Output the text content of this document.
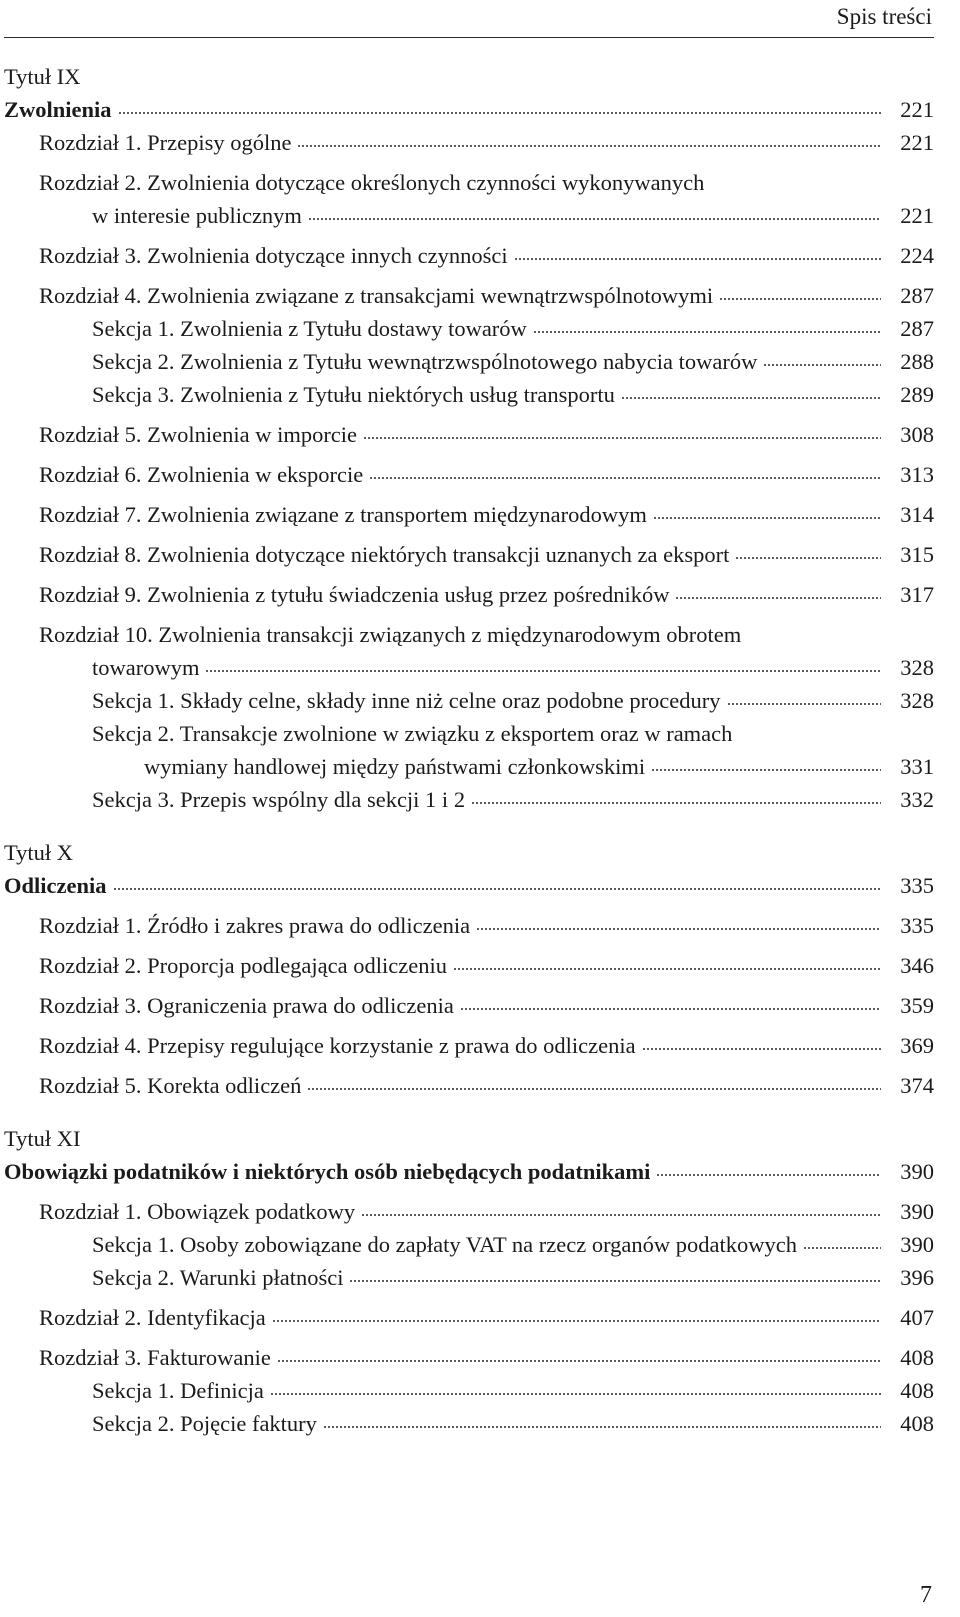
Spis treści
Tytuł IX
Zwolnienia	221
Rozdział 1. Przepisy ogólne	221
Rozdział 2. Zwolnienia dotyczące określonych czynności wykonywanych
w interesie publicznym	221
Rozdział 3. Zwolnienia dotyczące innych czynności	224
Rozdział 4. Zwolnienia związane z transakcjami wewnątrzwspólnotowymi	287
Sekcja 1. Zwolnienia z Tytułu dostawy towarów	287
Sekcja 2. Zwolnienia z Tytułu wewnątrzwspólnotowego nabycia towarów	288
Sekcja 3. Zwolnienia z Tytułu niektórych usług transportu	289
Rozdział 5. Zwolnienia w imporcie	308
Rozdział 6. Zwolnienia w eksporcie	313
Rozdział 7. Zwolnienia związane z transportem międzynarodowym	314
Rozdział 8. Zwolnienia dotyczące niektórych transakcji uznanych za eksport	315
Rozdział 9. Zwolnienia z tytułu świadczenia usług przez pośredników	317
Rozdział 10. Zwolnienia transakcji związanych z międzynarodowym obrotem
towarowym	328
Sekcja 1. Składy celne, składy inne niż celne oraz podobne procedury	328
Sekcja 2. Transakcje zwolnione w związku z eksportem oraz w ramach
wymiany handlowej między państwami członkowskimi	331
Sekcja 3. Przepis wspólny dla sekcji 1 i 2	332
Tytuł X
Odliczenia	335
Rozdział 1. Źródło i zakres prawa do odliczenia	335
Rozdział 2. Proporcja podlegająca odliczeniu	346
Rozdział 3. Ograniczenia prawa do odliczenia	359
Rozdział 4. Przepisy regulujące korzystanie z prawa do odliczenia	369
Rozdział 5. Korekta odliczeń	374
Tytuł XI
Obowiązki podatników i niektórych osób niebędących podatnikami	390
Rozdział 1. Obowiązek podatkowy	390
Sekcja 1. Osoby zobowiązane do zapłaty VAT na rzecz organów podatkowych	390
Sekcja 2. Warunki płatności	396
Rozdział 2. Identyfikacja	407
Rozdział 3. Fakturowanie	408
Sekcja 1. Definicja	408
Sekcja 2. Pojęcie faktury	408
7
